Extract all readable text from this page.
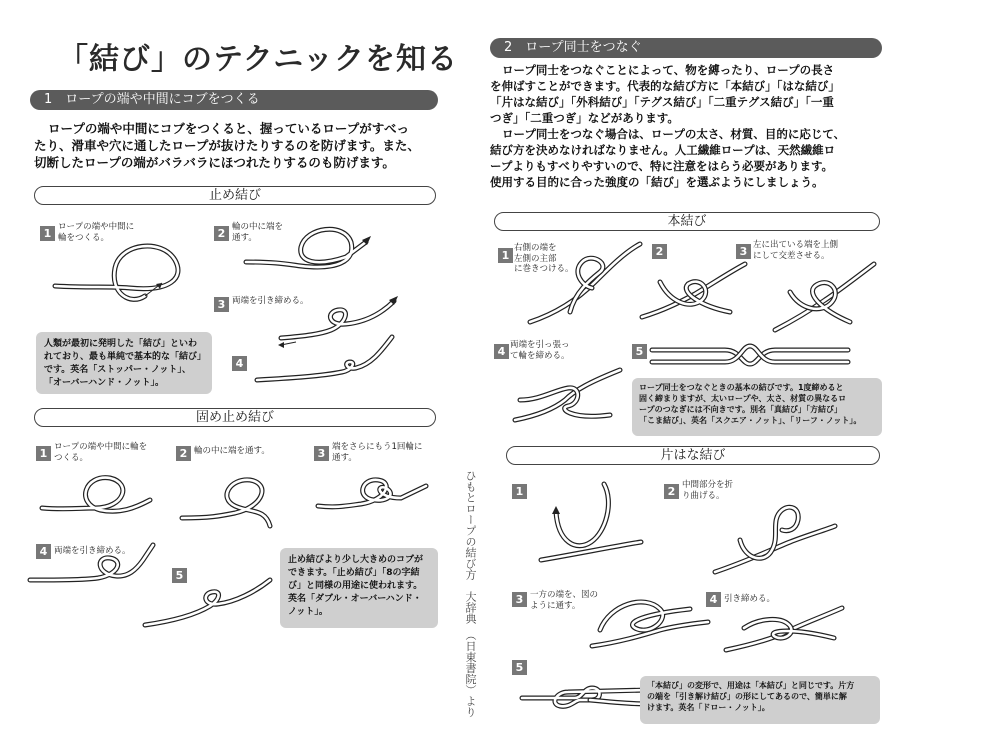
「結び」のテクニックを知る
1　ロープの端や中間にコブをつくる
ロープの端や中間にコブをつくると、握っているロープがすべっ
たり、滑車や穴に通したロープが抜けたりするのを防げます。また、
切断したロープの端がバラバラにほつれたりするのも防げます。
止め結び
1 ロープの端や中間に
輪をつくる。	2 輪の中に端を
通す。
3 両端を引き締める。
人類が最初に発明した「結び」といわ
れており、最も単純で基本的な「結び」
です。英名「ストッパー・ノット」、
「オーバーハンド・ノット」。
4
固め止め結び
1 ロープの端や中間に輪を
つくる。	2 輪の中に端を通す。	3 端をさらにもう1回輪に
通す。
4 両端を引き締める。
5
止め結びより少し大きめのコブが
できます。「止め結び」「8の字結
び」と同様の用途に使われます。
英名「ダブル・オーバーハンド・
ノット」。	ひもとロープの結び方　大辞典　（日東書院）より
2　ロープ同士をつなぐ
ロープ同士をつなぐことによって、物を縛ったり、ロープの長さ
を伸ばすことができます。代表的な結び方に「本結び」「はな結び」
「片はな結び」「外科結び」「テグス結び」「二重テグス結び」「一重
つぎ」「二重つぎ」などがあります。
ロープ同士をつなぐ場合は、ロープの太さ、材質、目的に応じて、
結び方を決めなければなりません。人工繊維ロープは、天然繊維ロ
ープよりもすべりやすいので、特に注意をはらう必要があります。
使用する目的に合った強度の「結び」を選ぶようにしましょう。
本結び
1
右側の端を
左側の主部
に巻きつける。
2	3 左に出ている端を上側
にして交差させる。
4 両端を引っ張っ
て輪を締める。	5
ロープ同士をつなぐときの基本の結びです。1度締めると
固く締まりますが、太いロープや、太さ、材質の異なるロ
ープのつなぎには不向きです。別名「真結び」「方結び」
「こま結び」、英名「スクエア・ノット」、「リーフ・ノット」。
片はな結び
1	2 中間部分を折
り曲げる。
3 一方の端を、図の
ように通す。	4 引き締める。
5
「本結び」の変形で、用途は「本結び」と同じです。片方
の端を「引き解け結び」の形にしてあるので、簡単に解
けます。英名「ドロー・ノット」。
